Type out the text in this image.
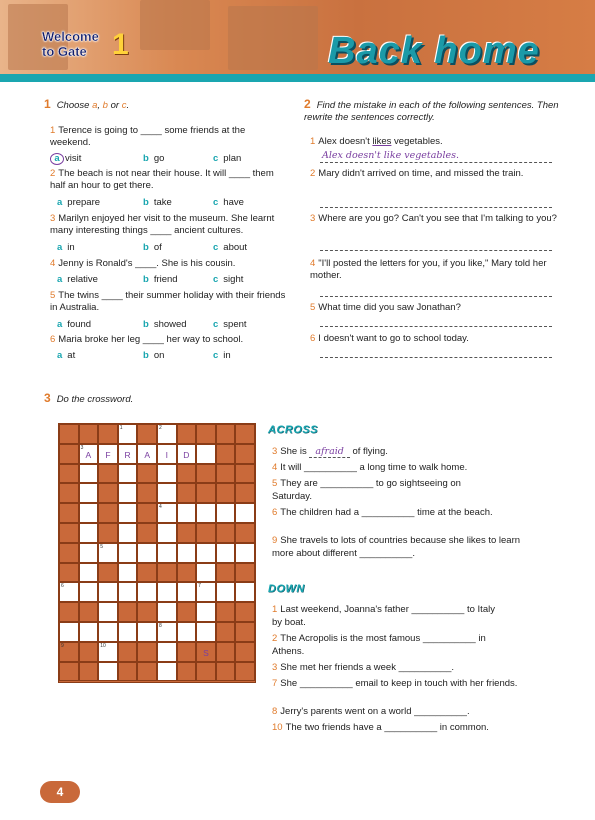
Welcome
to Gate 1	Back home
1 Choose a, b or c.
1 Terence is going to ____ some friends at the weekend.
a visit	b go	c plan
2 The beach is not near their house. It will ____ them half an hour to get there.
a prepare	b take	c have
3 Marilyn enjoyed her visit to the museum. She learnt many interesting things ____ ancient cultures.
a in	b of	c about
4 Jenny is Ronald's ____. She is his cousin.
a relative	b friend	c sight
5 The twins ____ their summer holiday with their friends in Australia.
a found	b showed	c spent
6 Maria broke her leg ____ her way to school.
a at	b on	c in
2 Find the mistake in each of the following sentences. Then rewrite the sentences correctly.
1 Alex doesn't likes vegetables.
Alex doesn't like vegetables.
2 Mary didn't arrived on time, and missed the train.
3 Where are you go? Can't you see that I'm talking to you?
4 "I'll posted the letters for you, if you like," Mary told her mother.
5 What time did you saw Jonathan?
6 I doesn't want to go to school today.
3 Do the crossword.
1	2
3
A	F	R	A	I	D
4
5
6	7
8
9	10
S
ACROSS
3 She is afraid of flying.
4 It will __________ a long time to walk home.
5 They are __________ to go sightseeing on Saturday.
6 The children had a __________ time at the beach.
9 She travels to lots of countries because she likes to learn more about different __________.
DOWN
1 Last weekend, Joanna's father __________ to Italy by boat.
2 The Acropolis is the most famous __________ in Athens.
3 She met her friends a week __________.
7 She __________ email to keep in touch with her friends.
8 Jerry's parents went on a world __________.
10 The two friends have a __________ in common.
4
